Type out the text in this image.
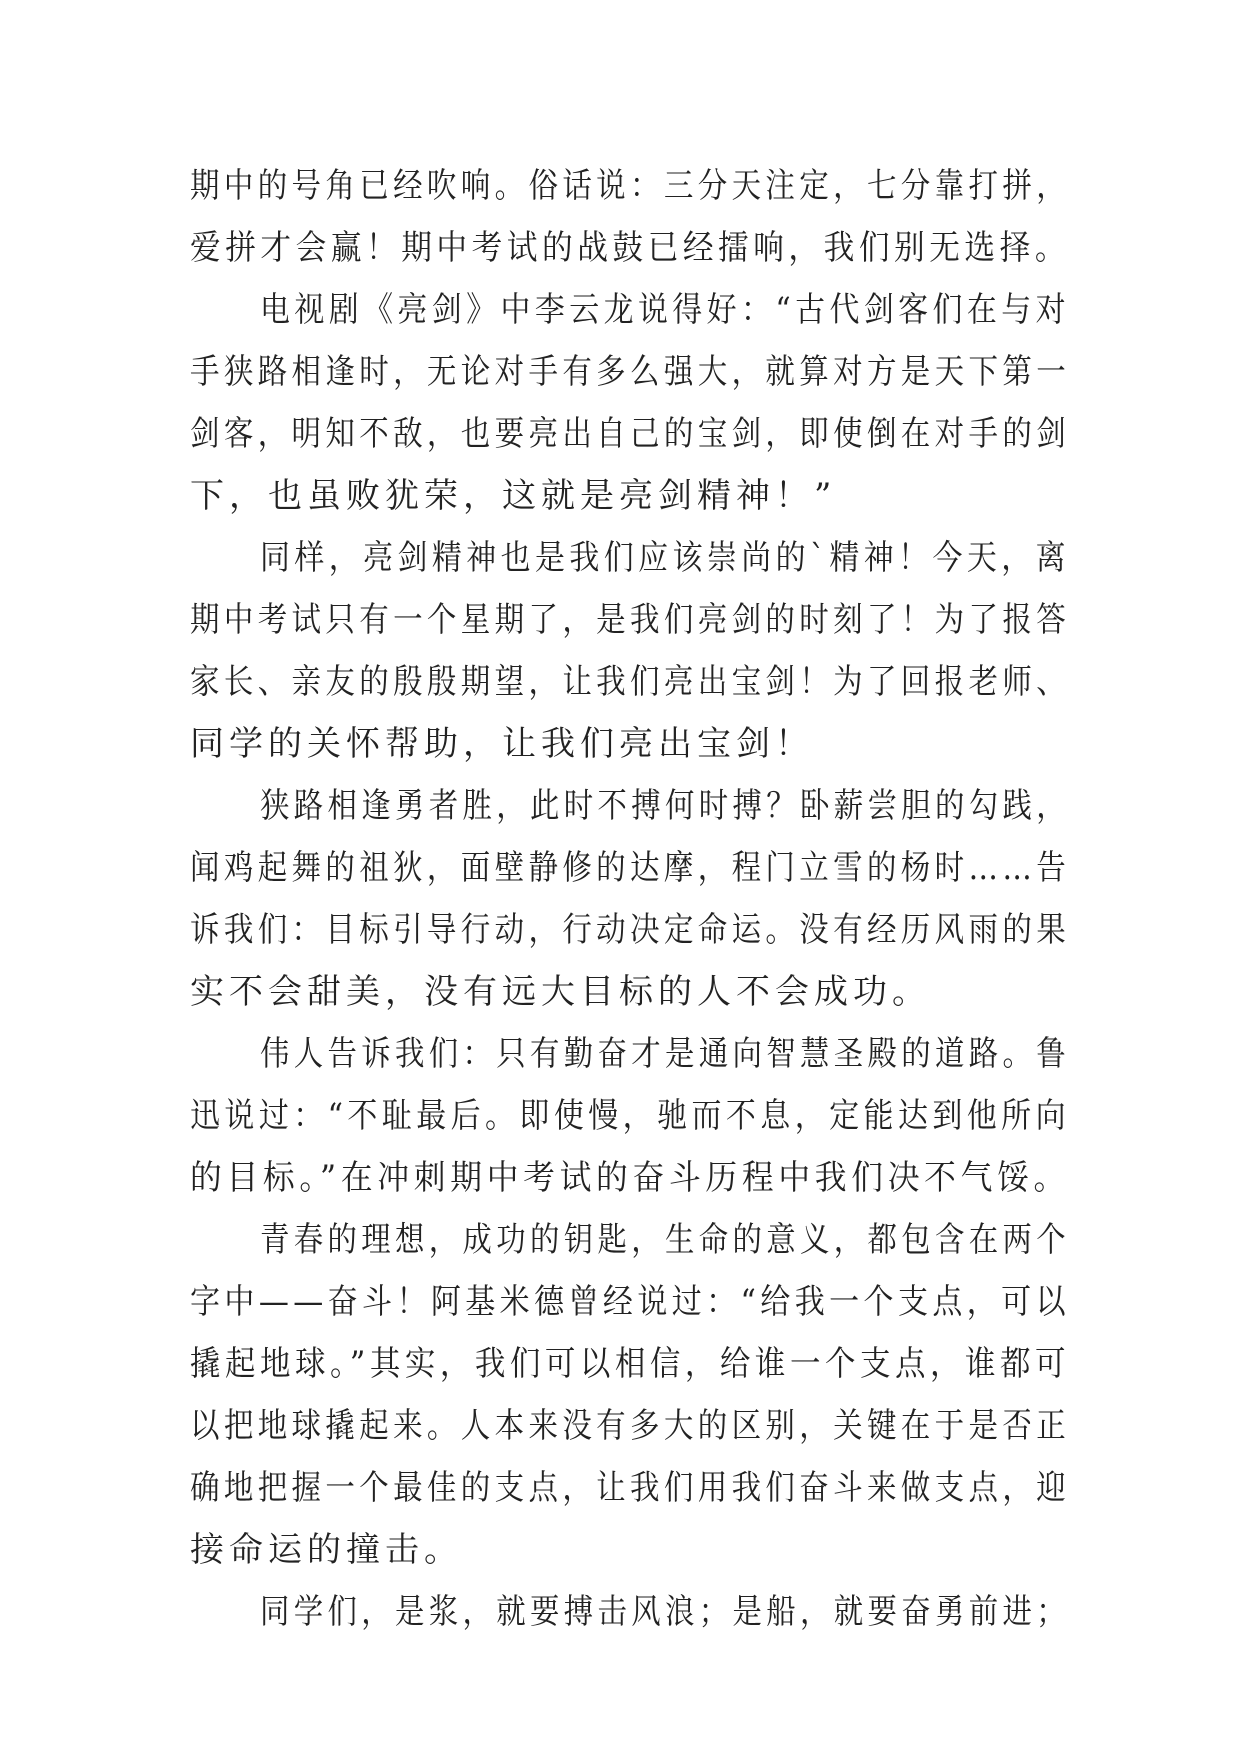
期中的号角已经吹响。俗话说：三分天注定，七分靠打拼，
爱拼才会赢！期中考试的战鼓已经擂响，我们别无选择。
电视剧《亮剑》中李云龙说得好：“古代剑客们在与对
手狭路相逢时，无论对手有多么强大，就算对方是天下第一
剑客，明知不敌，也要亮出自己的宝剑，即使倒在对手的剑
下，也虽败犹荣，这就是亮剑精神！”
同样，亮剑精神也是我们应该崇尚的`精神！今天，离
期中考试只有一个星期了，是我们亮剑的时刻了！为了报答
家长、亲友的殷殷期望，让我们亮出宝剑！为了回报老师、
同学的关怀帮助，让我们亮出宝剑！
狭路相逢勇者胜，此时不搏何时搏？卧薪尝胆的勾践，
闻鸡起舞的祖狄，面壁静修的达摩，程门立雪的杨时……告
诉我们：目标引导行动，行动决定命运。没有经历风雨的果
实不会甜美，没有远大目标的人不会成功。
伟人告诉我们：只有勤奋才是通向智慧圣殿的道路。鲁
迅说过：“不耻最后。即使慢，驰而不息，定能达到他所向
的目标。”在冲刺期中考试的奋斗历程中我们决不气馁。
青春的理想，成功的钥匙，生命的意义，都包含在两个
字中——奋斗！阿基米德曾经说过：“给我一个支点，可以
撬起地球。”其实，我们可以相信，给谁一个支点，谁都可
以把地球撬起来。人本来没有多大的区别，关键在于是否正
确地把握一个最佳的支点，让我们用我们奋斗来做支点，迎
接命运的撞击。
同学们，是浆，就要搏击风浪；是船，就要奋勇前进；
